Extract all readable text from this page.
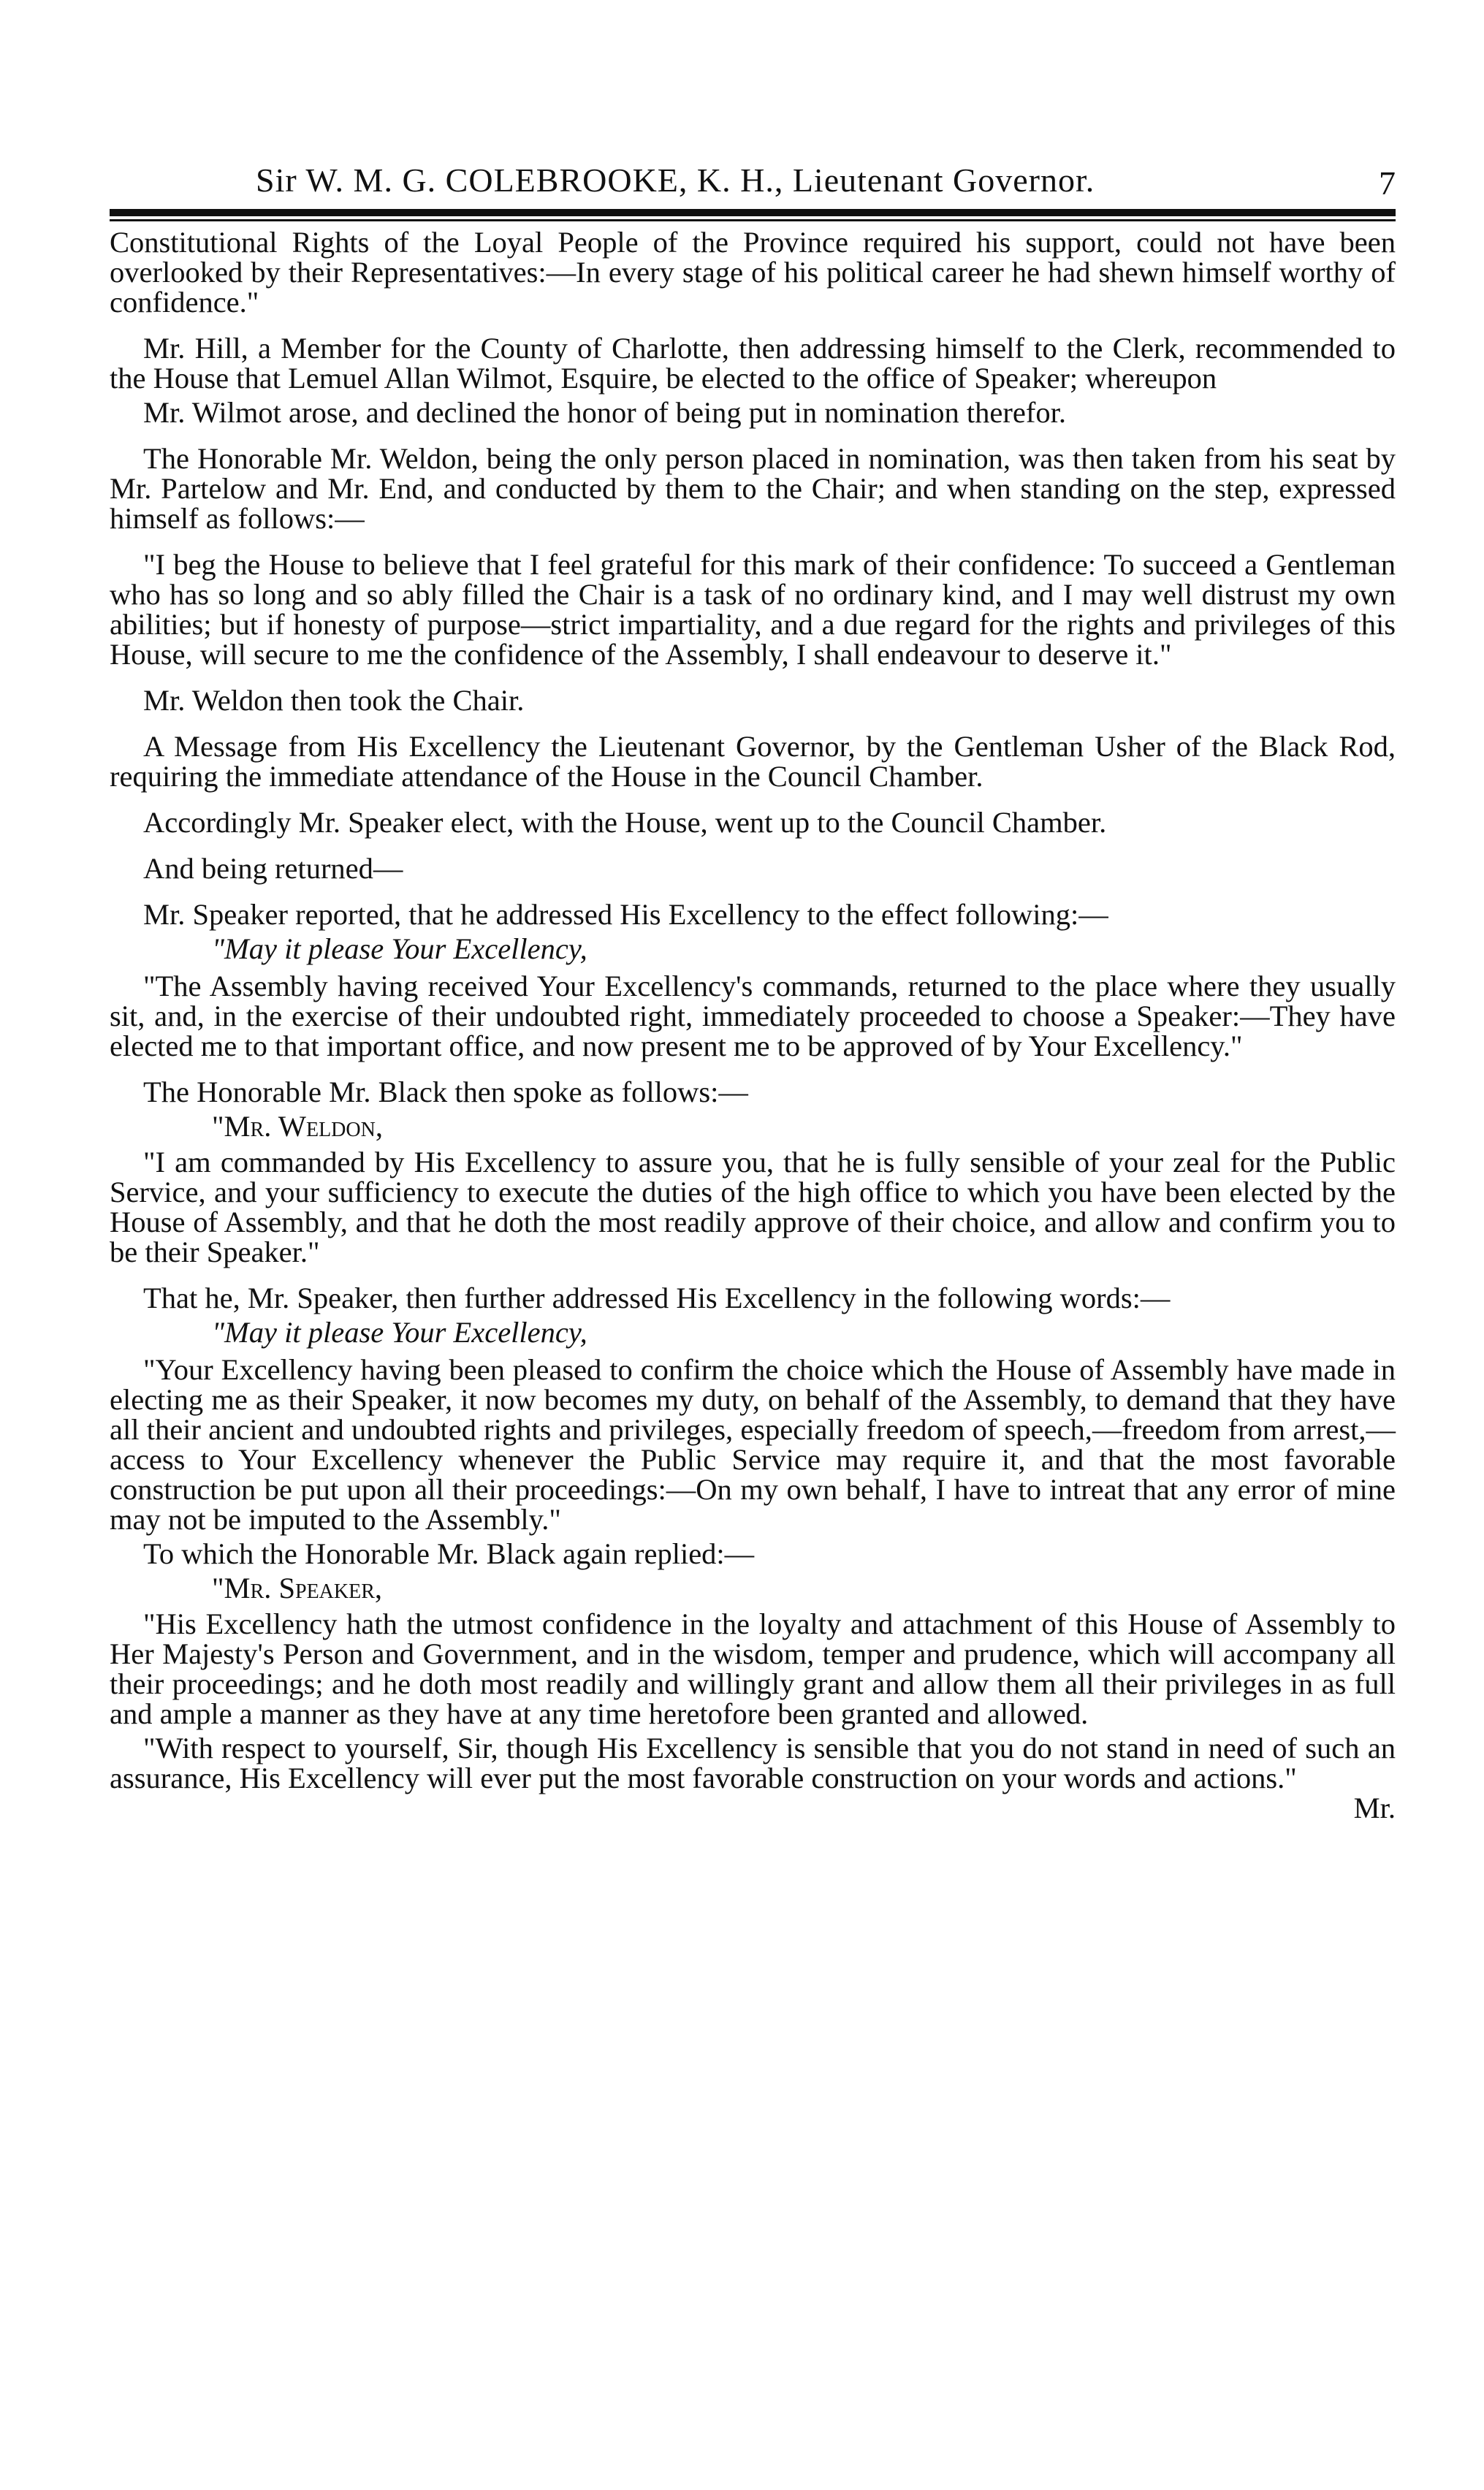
Sir W. M. G. COLEBROOKE, K. H., Lieutenant Governor.	7

Constitutional Rights of the Loyal People of the Province required his support, could not have been overlooked by their Representatives:—In every stage of his political career he had shewn himself worthy of confidence."

Mr. Hill, a Member for the County of Charlotte, then addressing himself to the Clerk, recommended to the House that Lemuel Allan Wilmot, Esquire, be elected to the office of Speaker; whereupon

Mr. Wilmot arose, and declined the honor of being put in nomination therefor.

The Honorable Mr. Weldon, being the only person placed in nomination, was then taken from his seat by Mr. Partelow and Mr. End, and conducted by them to the Chair; and when standing on the step, expressed himself as follows:—

"I beg the House to believe that I feel grateful for this mark of their confidence: To succeed a Gentleman who has so long and so ably filled the Chair is a task of no ordinary kind, and I may well distrust my own abilities; but if honesty of purpose—strict impartiality, and a due regard for the rights and privileges of this House, will secure to me the confidence of the Assembly, I shall endeavour to deserve it."

Mr. Weldon then took the Chair.

A Message from His Excellency the Lieutenant Governor, by the Gentleman Usher of the Black Rod, requiring the immediate attendance of the House in the Council Chamber.

Accordingly Mr. Speaker elect, with the House, went up to the Council Chamber.

And being returned—

Mr. Speaker reported, that he addressed His Excellency to the effect following:—

"May it please Your Excellency,

"The Assembly having received Your Excellency's commands, returned to the place where they usually sit, and, in the exercise of their undoubted right, immediately proceeded to choose a Speaker:—They have elected me to that important office, and now present me to be approved of by Your Excellency."

The Honorable Mr. Black then spoke as follows:—

"Mr. Weldon,

"I am commanded by His Excellency to assure you, that he is fully sensible of your zeal for the Public Service, and your sufficiency to execute the duties of the high office to which you have been elected by the House of Assembly, and that he doth the most readily approve of their choice, and allow and confirm you to be their Speaker."

That he, Mr. Speaker, then further addressed His Excellency in the following words:—

"May it please Your Excellency,

"Your Excellency having been pleased to confirm the choice which the House of Assembly have made in electing me as their Speaker, it now becomes my duty, on behalf of the Assembly, to demand that they have all their ancient and undoubted rights and privileges, especially freedom of speech,—freedom from arrest,—access to Your Excellency whenever the Public Service may require it, and that the most favorable construction be put upon all their proceedings:—On my own behalf, I have to intreat that any error of mine may not be imputed to the Assembly."

To which the Honorable Mr. Black again replied:—

"Mr. Speaker,

"His Excellency hath the utmost confidence in the loyalty and attachment of this House of Assembly to Her Majesty's Person and Government, and in the wisdom, temper and prudence, which will accompany all their proceedings; and he doth most readily and willingly grant and allow them all their privileges in as full and ample a manner as they have at any time heretofore been granted and allowed.

"With respect to yourself, Sir, though His Excellency is sensible that you do not stand in need of such an assurance, His Excellency will ever put the most favorable construction on your words and actions."

Mr.
